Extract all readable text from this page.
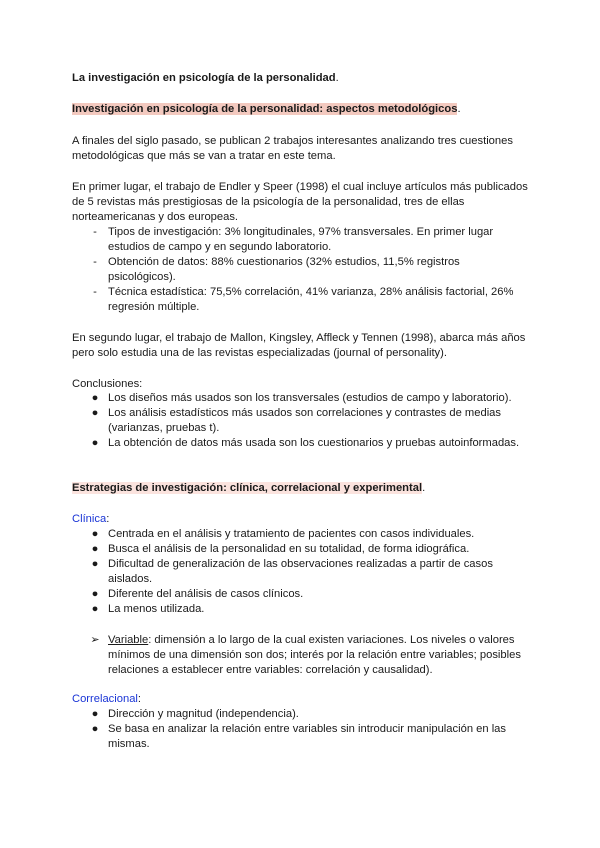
La investigación en psicología de la personalidad.
Investigación en psicología de la personalidad: aspectos metodológicos.
A finales del siglo pasado, se publican 2 trabajos interesantes analizando tres cuestiones
metodológicas que más se van a tratar en este tema.
En primer lugar, el trabajo de Endler y Speer (1998) el cual incluye artículos más publicados
de 5 revistas más prestigiosas de la psicología de la personalidad, tres de ellas
norteamericanas y dos europeas.
- Tipos de investigación: 3% longitudinales, 97% transversales. En primer lugar
estudios de campo y en segundo laboratorio.
- Obtención de datos: 88% cuestionarios (32% estudios, 11,5% registros
psicológicos).
- Técnica estadística: 75,5% correlación, 41% varianza, 28% análisis factorial, 26%
regresión múltiple.
En segundo lugar, el trabajo de Mallon, Kingsley, Affleck y Tennen (1998), abarca más años
pero solo estudia una de las revistas especializadas (journal of personality).
Conclusiones:
● Los diseños más usados son los transversales (estudios de campo y laboratorio).
● Los análisis estadísticos más usados son correlaciones y contrastes de medias
(varianzas, pruebas t).
● La obtención de datos más usada son los cuestionarios y pruebas autoinformadas.
Estrategias de investigación: clínica, correlacional y experimental.
Clínica:
● Centrada en el análisis y tratamiento de pacientes con casos individuales.
● Busca el análisis de la personalidad en su totalidad, de forma idiográfica.
● Dificultad de generalización de las observaciones realizadas a partir de casos
aislados.
● Diferente del análisis de casos clínicos.
● La menos utilizada.
➢ Variable: dimensión a lo largo de la cual existen variaciones. Los niveles o valores
mínimos de una dimensión son dos; interés por la relación entre variables; posibles
relaciones a establecer entre variables: correlación y causalidad).
Correlacional:
● Dirección y magnitud (independencia).
● Se basa en analizar la relación entre variables sin introducir manipulación en las
mismas.
